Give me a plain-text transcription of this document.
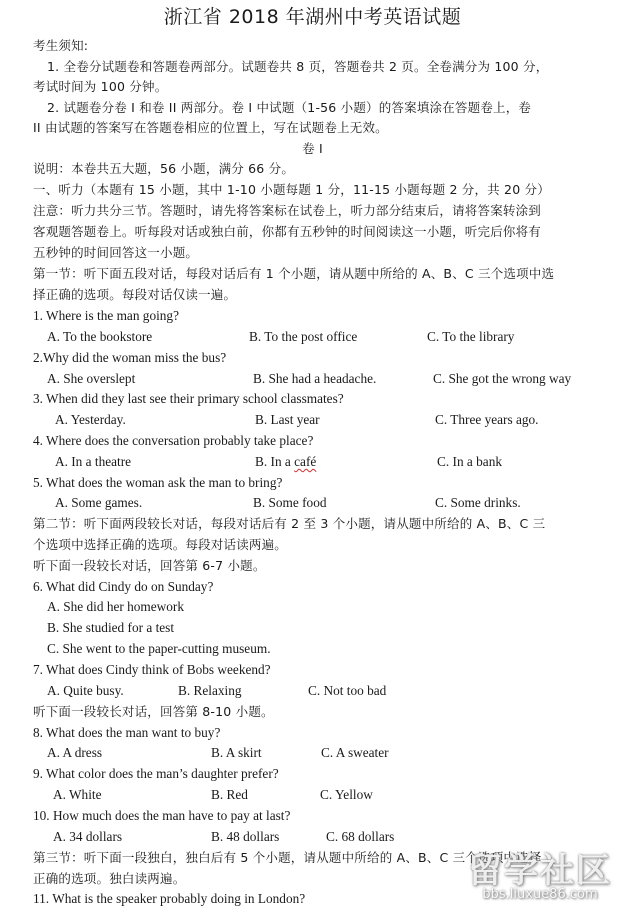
浙江省 2018 年湖州中考英语试题
考生须知:
1. 全卷分试题卷和答题卷两部分。试题卷共 8 页，答题卷共 2 页。全卷满分为 100 分，
考试时间为 100 分钟。
2. 试题卷分卷 I 和卷 II 两部分。卷 I 中试题（1-56 小题）的答案填涂在答题卷上，卷
II 由试题的答案写在答题卷相应的位置上，写在试题卷上无效。
卷 I
说明：本卷共五大题，56 小题，满分 66 分。
一、听力（本题有 15 小题，其中 1-10 小题每题 1 分，11-15 小题每题 2 分，共 20 分）
注意：听力共分三节。答题时，请先将答案标在试卷上，听力部分结束后，请将答案转涂到
客观题答题卷上。听每段对话或独白前，你都有五秒钟的时间阅读这一小题，听完后你将有
五秒钟的时间回答这一小题。
第一节：听下面五段对话，每段对话后有 1 个小题，请从题中所给的 A、B、C 三个选项中选
择正确的选项。每段对话仅读一遍。
1. Where is the man going?
A. To the bookstore	B. To the post office	C. To the library
2.Why did the woman miss the bus?
A. She overslept	B. She had a headache.	C. She got the wrong way
3. When did they last see their primary school classmates?
A. Yesterday.	B. Last year	C. Three years ago.
4. Where does the conversation probably take place?
A. In a theatre	B. In a café	C. In a bank
5. What does the woman ask the man to bring?
A. Some games.	B. Some food	C. Some drinks.
第二节：听下面两段较长对话，每段对话后有 2 至 3 个小题，请从题中所给的 A、B、C 三
个选项中选择正确的选项。每段对话读两遍。
听下面一段较长对话，回答第 6-7 小题。
6. What did Cindy do on Sunday?
A. She did her homework
B. She studied for a test
C. She went to the paper-cutting museum.
7. What does Cindy think of Bobs weekend?
A. Quite busy.	B. Relaxing	C. Not too bad
听下面一段较长对话，回答第 8-10 小题。
8. What does the man want to buy?
A. A dress	B. A skirt	C. A sweater
9. What color does the man’s daughter prefer?
A. White	B. Red	C. Yellow
10. How much does the man have to pay at last?
A. 34 dollars	B. 48 dollars	C. 68 dollars
第三节：听下面一段独白，独白后有 5 个小题，请从题中所给的 A、B、C 三个选项中选择
正确的选项。独白读两遍。
11. What is the speaker probably doing in London?
留学社区
bbs.liuxue86.com
